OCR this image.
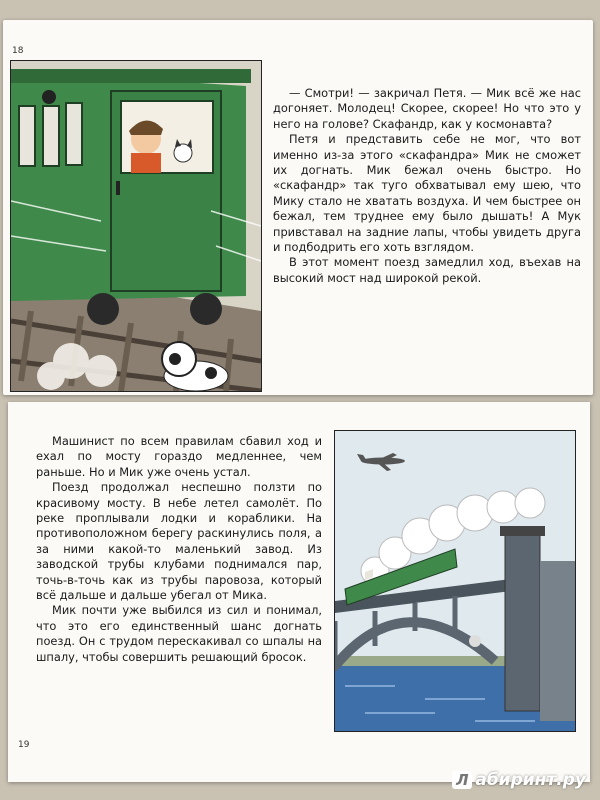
18

— Смотри! — закричал Петя. — Мик всё же нас догоняет. Молодец! Скорее, скорее! Но что это у него на голове? Скафандр, как у космонавта?

Петя и представить себе не мог, что вот именно из-за этого «скафандра» Мик не сможет их догнать. Мик бежал очень быстро. Но «скафандр» так туго обхватывал ему шею, что Мику стало не хватать воздуха. И чем быстрее он бежал, тем труднее ему было дышать! А Мук привставал на задние лапы, чтобы увидеть друга и подбодрить его хоть взглядом.

В этот момент поезд замедлил ход, въехав на высокий мост над широкой рекой.

Машинист по всем правилам сбавил ход и ехал по мосту гораздо медленнее, чем раньше. Но и Мик уже очень устал.

Поезд продолжал неспешно ползти по красивому мосту. В небе летел самолёт. По реке проплывали лодки и кораблики. На противоположном берегу раскинулись поля, а за ними какой-то маленький завод. Из заводской трубы клубами поднимался пар, точь-в-точь как из трубы паровоза, который всё дальше и дальше убегал от Мика.

Мик почти уже выбился из сил и понимал, что это его единственный шанс догнать поезд. Он с трудом перескакивал со шпалы на шпалу, чтобы совершить решающий бросок.

19
Л абиринт.ру
